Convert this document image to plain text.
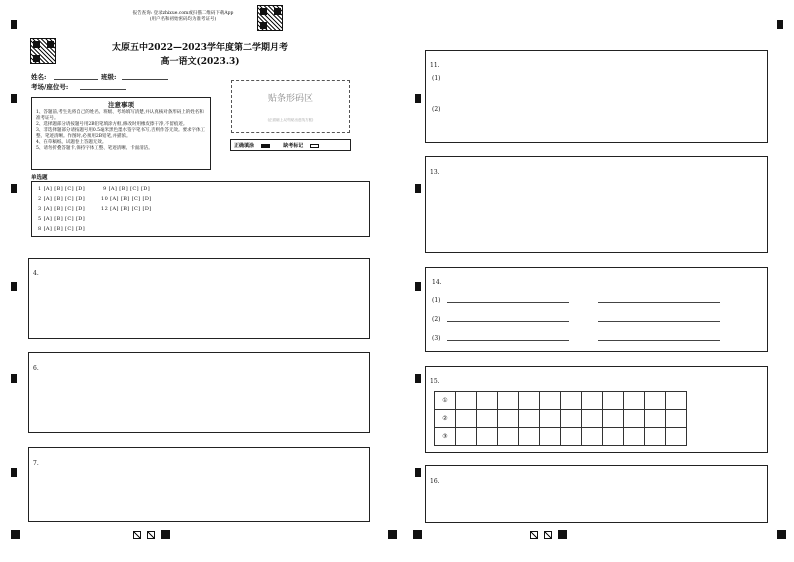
报告查询: 登录zhixue.com或扫描二维码下载App
(用户名和初始密码均为准考证号)
太原五中2022—2023学年度第二学期月考
高一语文(2023.3)
姓名:	班级:
考场/座位号:
注意事项
1、答题前,考生先将自己的姓名、班级、考场填写清楚,并认真核对条形码上的姓名和准考证号。
2、选择题部分请按题号用2B铅笔填涂方框,修改时用橡皮擦干净,不留痕迹。
3、非选择题部分请按题号用0.5毫米黑色墨水签字笔书写,否则作答无效。要求字体工整、笔迹清晰。作图时,必须用2B铅笔,并描浓。
4、在草稿纸、试题卷上答题无效。
5、请勿折叠答题卡,保持字体工整、笔迹清晰、卡面清洁。
贴条形码区
(正面朝上,切勿贴出虚线方框)
正确填涂	缺考标记
单选题
1 [A] [B] [C] [D]
2 [A] [B] [C] [D]
3 [A] [B] [C] [D]
5 [A] [B] [C] [D]
8 [A] [B] [C] [D]
9 [A] [B] [C] [D]
10 [A] [B] [C] [D]
12 [A] [B] [C] [D]
4.
6.
7.
11.
(1)
(2)
13.
14.
(1)
(2)
(3)
15.
①											
②											
③											
16.
